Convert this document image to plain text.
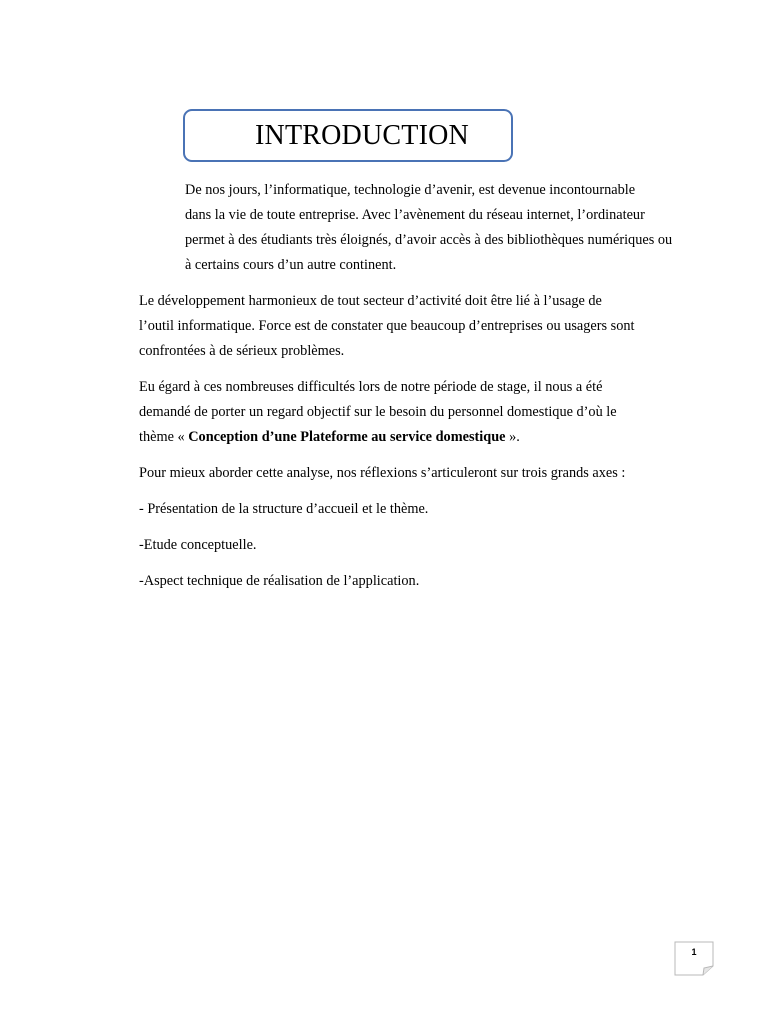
INTRODUCTION

De nos jours, l’informatique, technologie d’avenir, est devenue incontournable
dans la vie de toute entreprise. Avec l’avènement du réseau internet, l’ordinateur
permet à des étudiants très éloignés, d’avoir accès à des bibliothèques numériques ou
à certains cours d’un autre continent.

Le développement harmonieux de tout secteur d’activité doit être lié à l’usage de
l’outil informatique. Force est de constater que beaucoup d’entreprises ou usagers sont
confrontées à de sérieux problèmes.

Eu égard à ces nombreuses difficultés lors de notre période de stage, il nous a été
demandé de porter un regard objectif sur le besoin du personnel domestique d’où le
thème « Conception d’une Plateforme au service domestique ».

Pour mieux aborder cette analyse, nos réflexions s’articuleront sur trois grands axes :

- Présentation de la structure d’accueil et le thème.

-Etude conceptuelle.

-Aspect technique de réalisation de l’application.

1
